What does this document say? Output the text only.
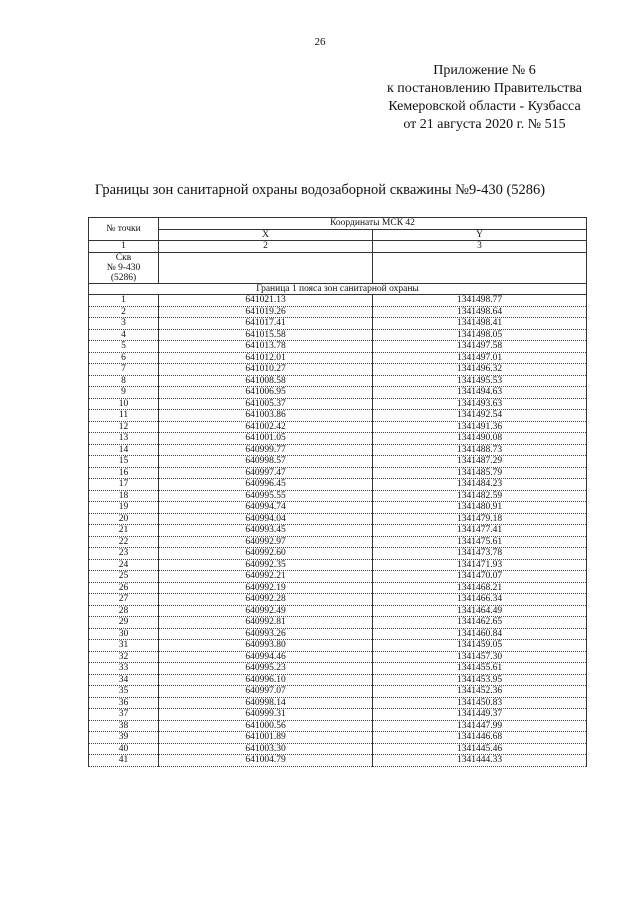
26
Приложение № 6
к постановлению Правительства
Кемеровской области - Кузбасса
от 21 августа 2020 г. № 515
Границы зон санитарной охраны водозаборной скважины №9-430 (5286)
№ точки	Координаты МСК 42	
	X	Y
1	2	3

Скв
№ 9-430
(5286)		

Граница 1 пояса зон санитарной охраны		
1	641021.13	1341498.77
2	641019.26	1341498.64
3	641017.41	1341498.41
4	641015.58	1341498.05
5	641013.78	1341497.58
6	641012.01	1341497.01
7	641010.27	1341496.32
8	641008.58	1341495.53
9	641006.95	1341494.63
10	641005.37	1341493.63
11	641003.86	1341492.54
12	641002.42	1341491.36
13	641001.05	1341490.08
14	640999.77	1341488.73
15	640998.57	1341487.29
16	640997.47	1341485.79
17	640996.45	1341484.23
18	640995.55	1341482.59
19	640994.74	1341480.91
20	640994.04	1341479.18
21	640993.45	1341477.41
22	640992.97	1341475.61
23	640992.60	1341473.78
24	640992.35	1341471.93
25	640992.21	1341470.07
26	640992.19	1341468.21
27	640992.28	1341466.34
28	640992.49	1341464.49
29	640992.81	1341462.65
30	640993.26	1341460.84
31	640993.80	1341459.05
32	640994.46	1341457.30
33	640995.23	1341455.61
34	640996.10	1341453.95
35	640997.07	1341452.36
36	640998.14	1341450.83
37	640999.31	1341449.37
38	641000.56	1341447.99
39	641001.89	1341446.68
40	641003.30	1341445.46
41	641004.79	1341444.33
